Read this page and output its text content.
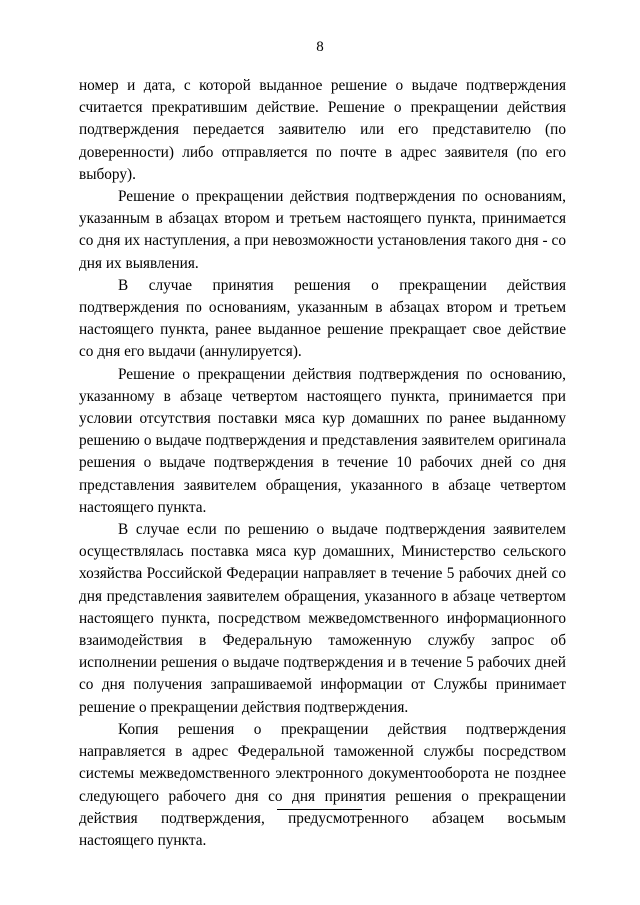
8

номер и дата, с которой выданное решение о выдаче подтверждения считается прекратившим действие. Решение о прекращении действия подтверждения передается заявителю или его представителю (по доверенности) либо отправляется по почте в адрес заявителя (по его выбору).

Решение о прекращении действия подтверждения по основаниям, указанным в абзацах втором и третьем настоящего пункта, принимается со дня их наступления, а при невозможности установления такого дня - со дня их выявления.

В случае принятия решения о прекращении действия подтверждения по основаниям, указанным в абзацах втором и третьем настоящего пункта, ранее выданное решение прекращает свое действие со дня его выдачи (аннулируется).

Решение о прекращении действия подтверждения по основанию, указанному в абзаце четвертом настоящего пункта, принимается при условии отсутствия поставки мяса кур домашних по ранее выданному решению о выдаче подтверждения и представления заявителем оригинала решения о выдаче подтверждения в течение 10 рабочих дней со дня представления заявителем обращения, указанного в абзаце четвертом настоящего пункта.

В случае если по решению о выдаче подтверждения заявителем осуществлялась поставка мяса кур домашних, Министерство сельского хозяйства Российской Федерации направляет в течение 5 рабочих дней со дня представления заявителем обращения, указанного в абзаце четвертом настоящего пункта, посредством межведомственного информационного взаимодействия в Федеральную таможенную службу запрос об исполнении решения о выдаче подтверждения и в течение 5 рабочих дней со дня получения запрашиваемой информации от Службы принимает решение о прекращении действия подтверждения.

Копия решения о прекращении действия подтверждения направляется в адрес Федеральной таможенной службы посредством системы межведомственного электронного документооборота не позднее следующего рабочего дня со дня принятия решения о прекращении действия подтверждения, предусмотренного абзацем восьмым настоящего пункта.
